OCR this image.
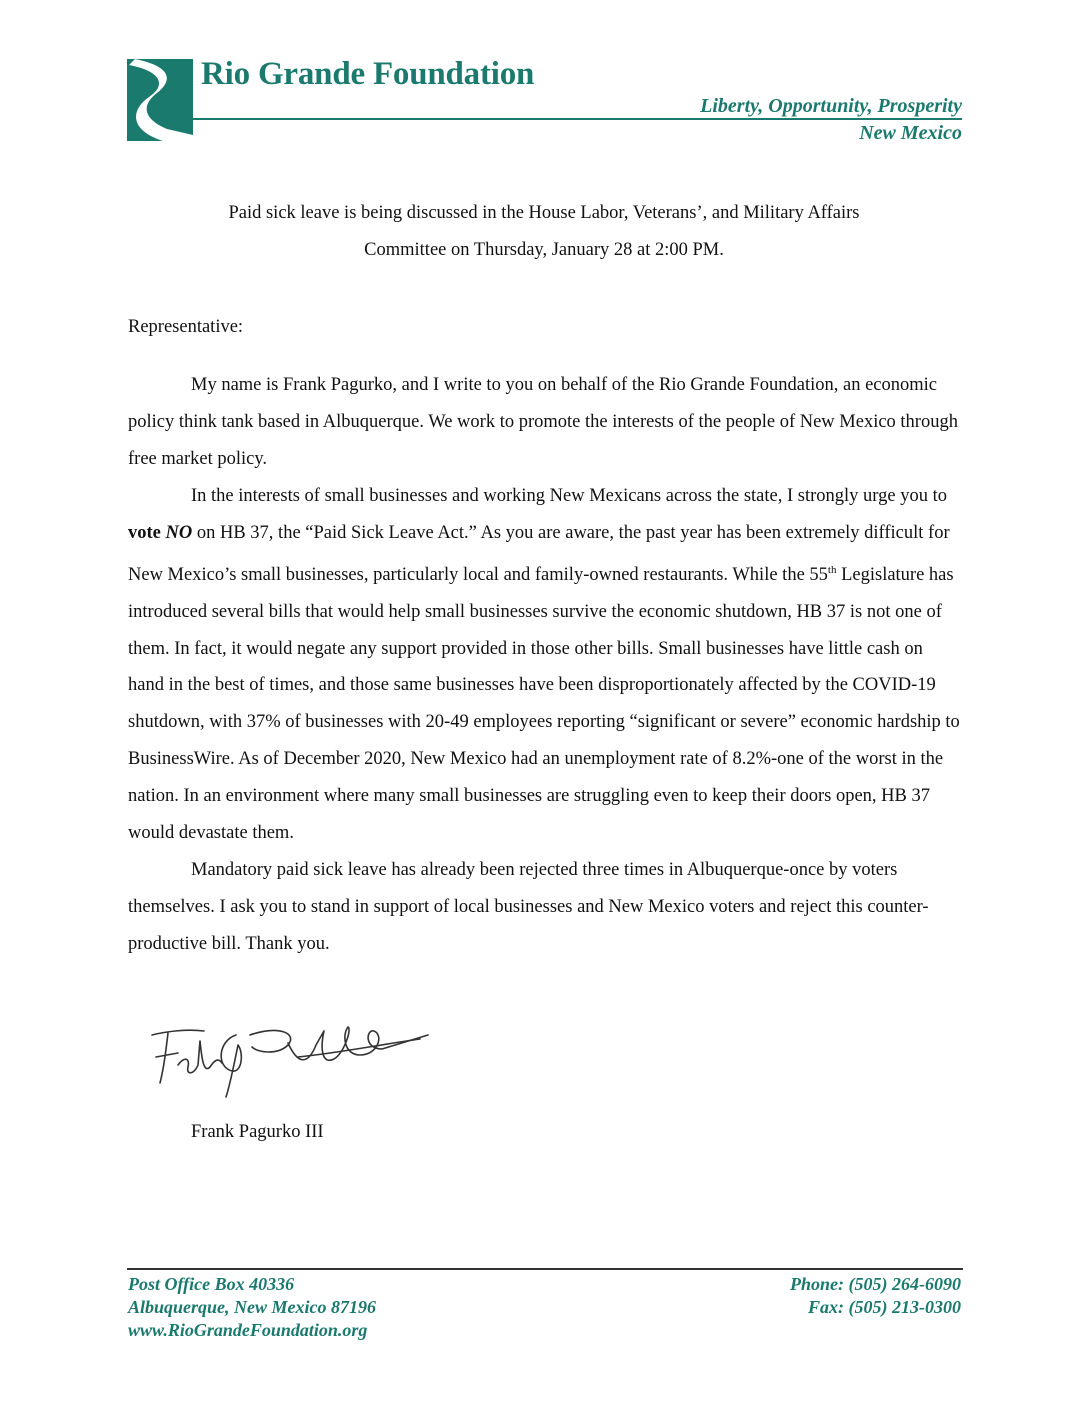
Rio Grande Foundation
Liberty, Opportunity, Prosperity
New Mexico
Paid sick leave is being discussed in the House Labor, Veterans’, and Military Affairs
Committee on Thursday, January 28 at 2:00 PM.
Representative:

My name is Frank Pagurko, and I write to you on behalf of the Rio Grande Foundation, an economic policy think tank based in Albuquerque. We work to promote the interests of the people of New Mexico through free market policy.

In the interests of small businesses and working New Mexicans across the state, I strongly urge you to vote NO on HB 37, the “Paid Sick Leave Act.” As you are aware, the past year has been extremely difficult for New Mexico’s small businesses, particularly local and family-owned restaurants. While the 55th Legislature has introduced several bills that would help small businesses survive the economic shutdown, HB 37 is not one of them. In fact, it would negate any support provided in those other bills. Small businesses have little cash on hand in the best of times, and those same businesses have been disproportionately affected by the COVID-19 shutdown, with 37% of businesses with 20-49 employees reporting “significant or severe” economic hardship to BusinessWire. As of December 2020, New Mexico had an unemployment rate of 8.2%-one of the worst in the nation. In an environment where many small businesses are struggling even to keep their doors open, HB 37 would devastate them.

Mandatory paid sick leave has already been rejected three times in Albuquerque-once by voters themselves. I ask you to stand in support of local businesses and New Mexico voters and reject this counter-productive bill. Thank you.

Frank Pagurko III
Post Office Box 40336
Albuquerque, New Mexico 87196
www.RioGrandeFoundation.org
Phone: (505) 264-6090
Fax: (505) 213-0300
